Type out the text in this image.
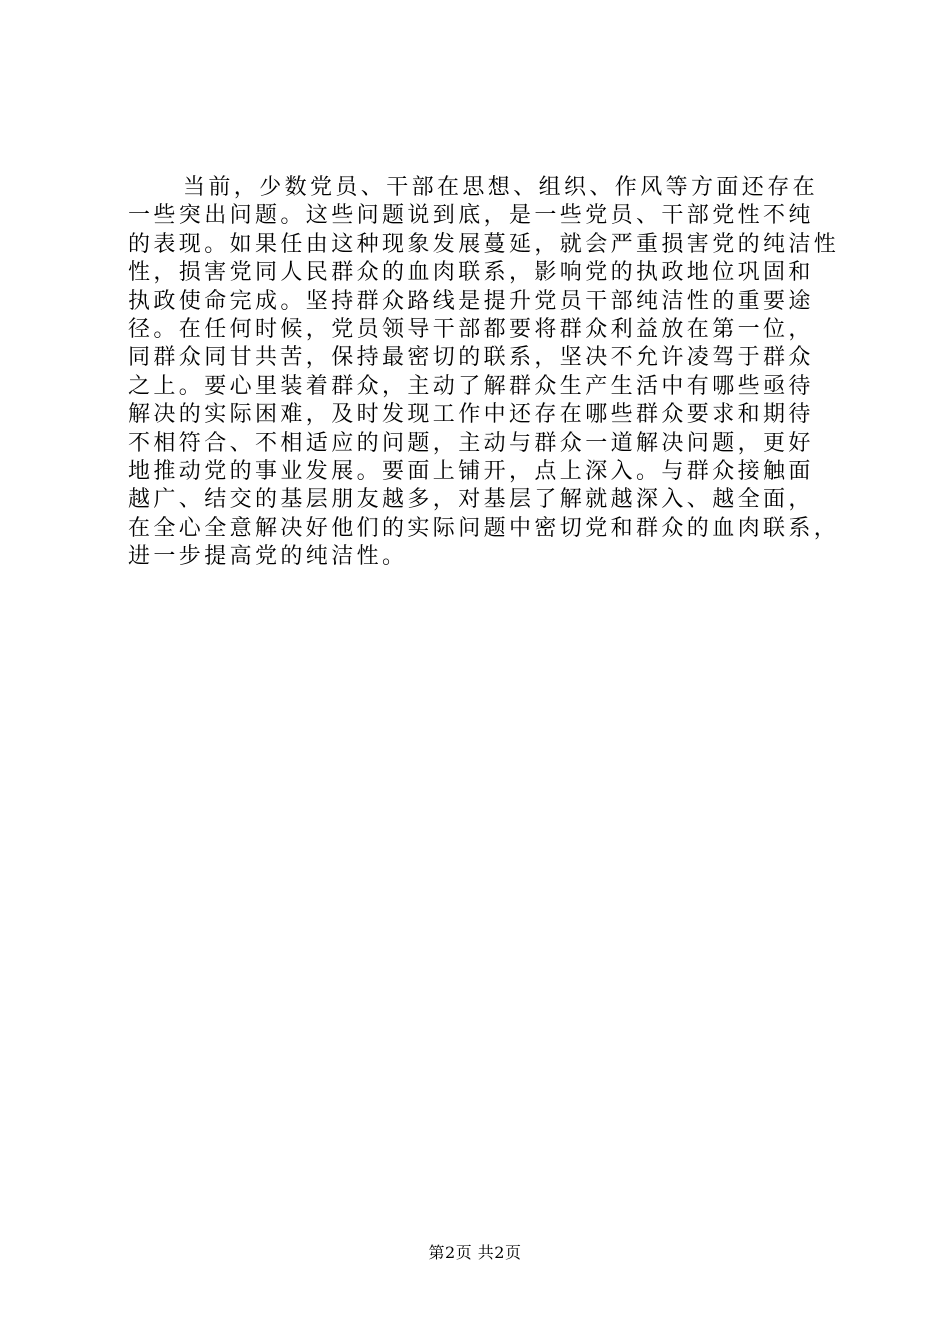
当前，少数党员、干部在思想、组织、作风等方面还存在
一些突出问题。这些问题说到底，是一些党员、干部党性不纯
的表现。如果任由这种现象发展蔓延，就会严重损害党的纯洁性
性，损害党同人民群众的血肉联系，影响党的执政地位巩固和
执政使命完成。坚持群众路线是提升党员干部纯洁性的重要途
径。在任何时候，党员领导干部都要将群众利益放在第一位，
同群众同甘共苦，保持最密切的联系，坚决不允许凌驾于群众
之上。要心里装着群众，主动了解群众生产生活中有哪些亟待
解决的实际困难，及时发现工作中还存在哪些群众要求和期待
不相符合、不相适应的问题，主动与群众一道解决问题，更好
地推动党的事业发展。要面上铺开，点上深入。与群众接触面
越广、结交的基层朋友越多，对基层了解就越深入、越全面，
在全心全意解决好他们的实际问题中密切党和群众的血肉联系，
进一步提高党的纯洁性。
第2页 共2页
